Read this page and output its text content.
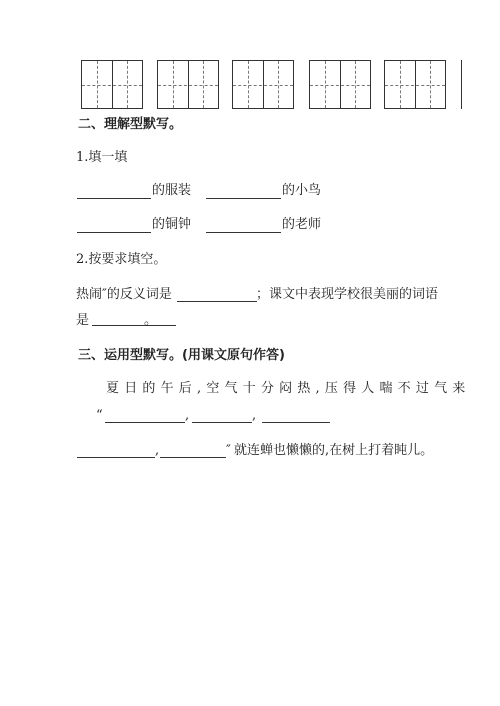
二、理解型默写。
1.填一填
的服装	的小鸟
的铜钟	的老师
2.按要求填空。
热闹″的反义词是	；课文中表现学校很美丽的词语
是	。
三、运用型默写。(用课文原句作答)
夏日的午后,空气十分闷热,压得人喘不过气来
“	,	,
,	″ 就连蝉也懒懒的,在树上打着盹儿。
